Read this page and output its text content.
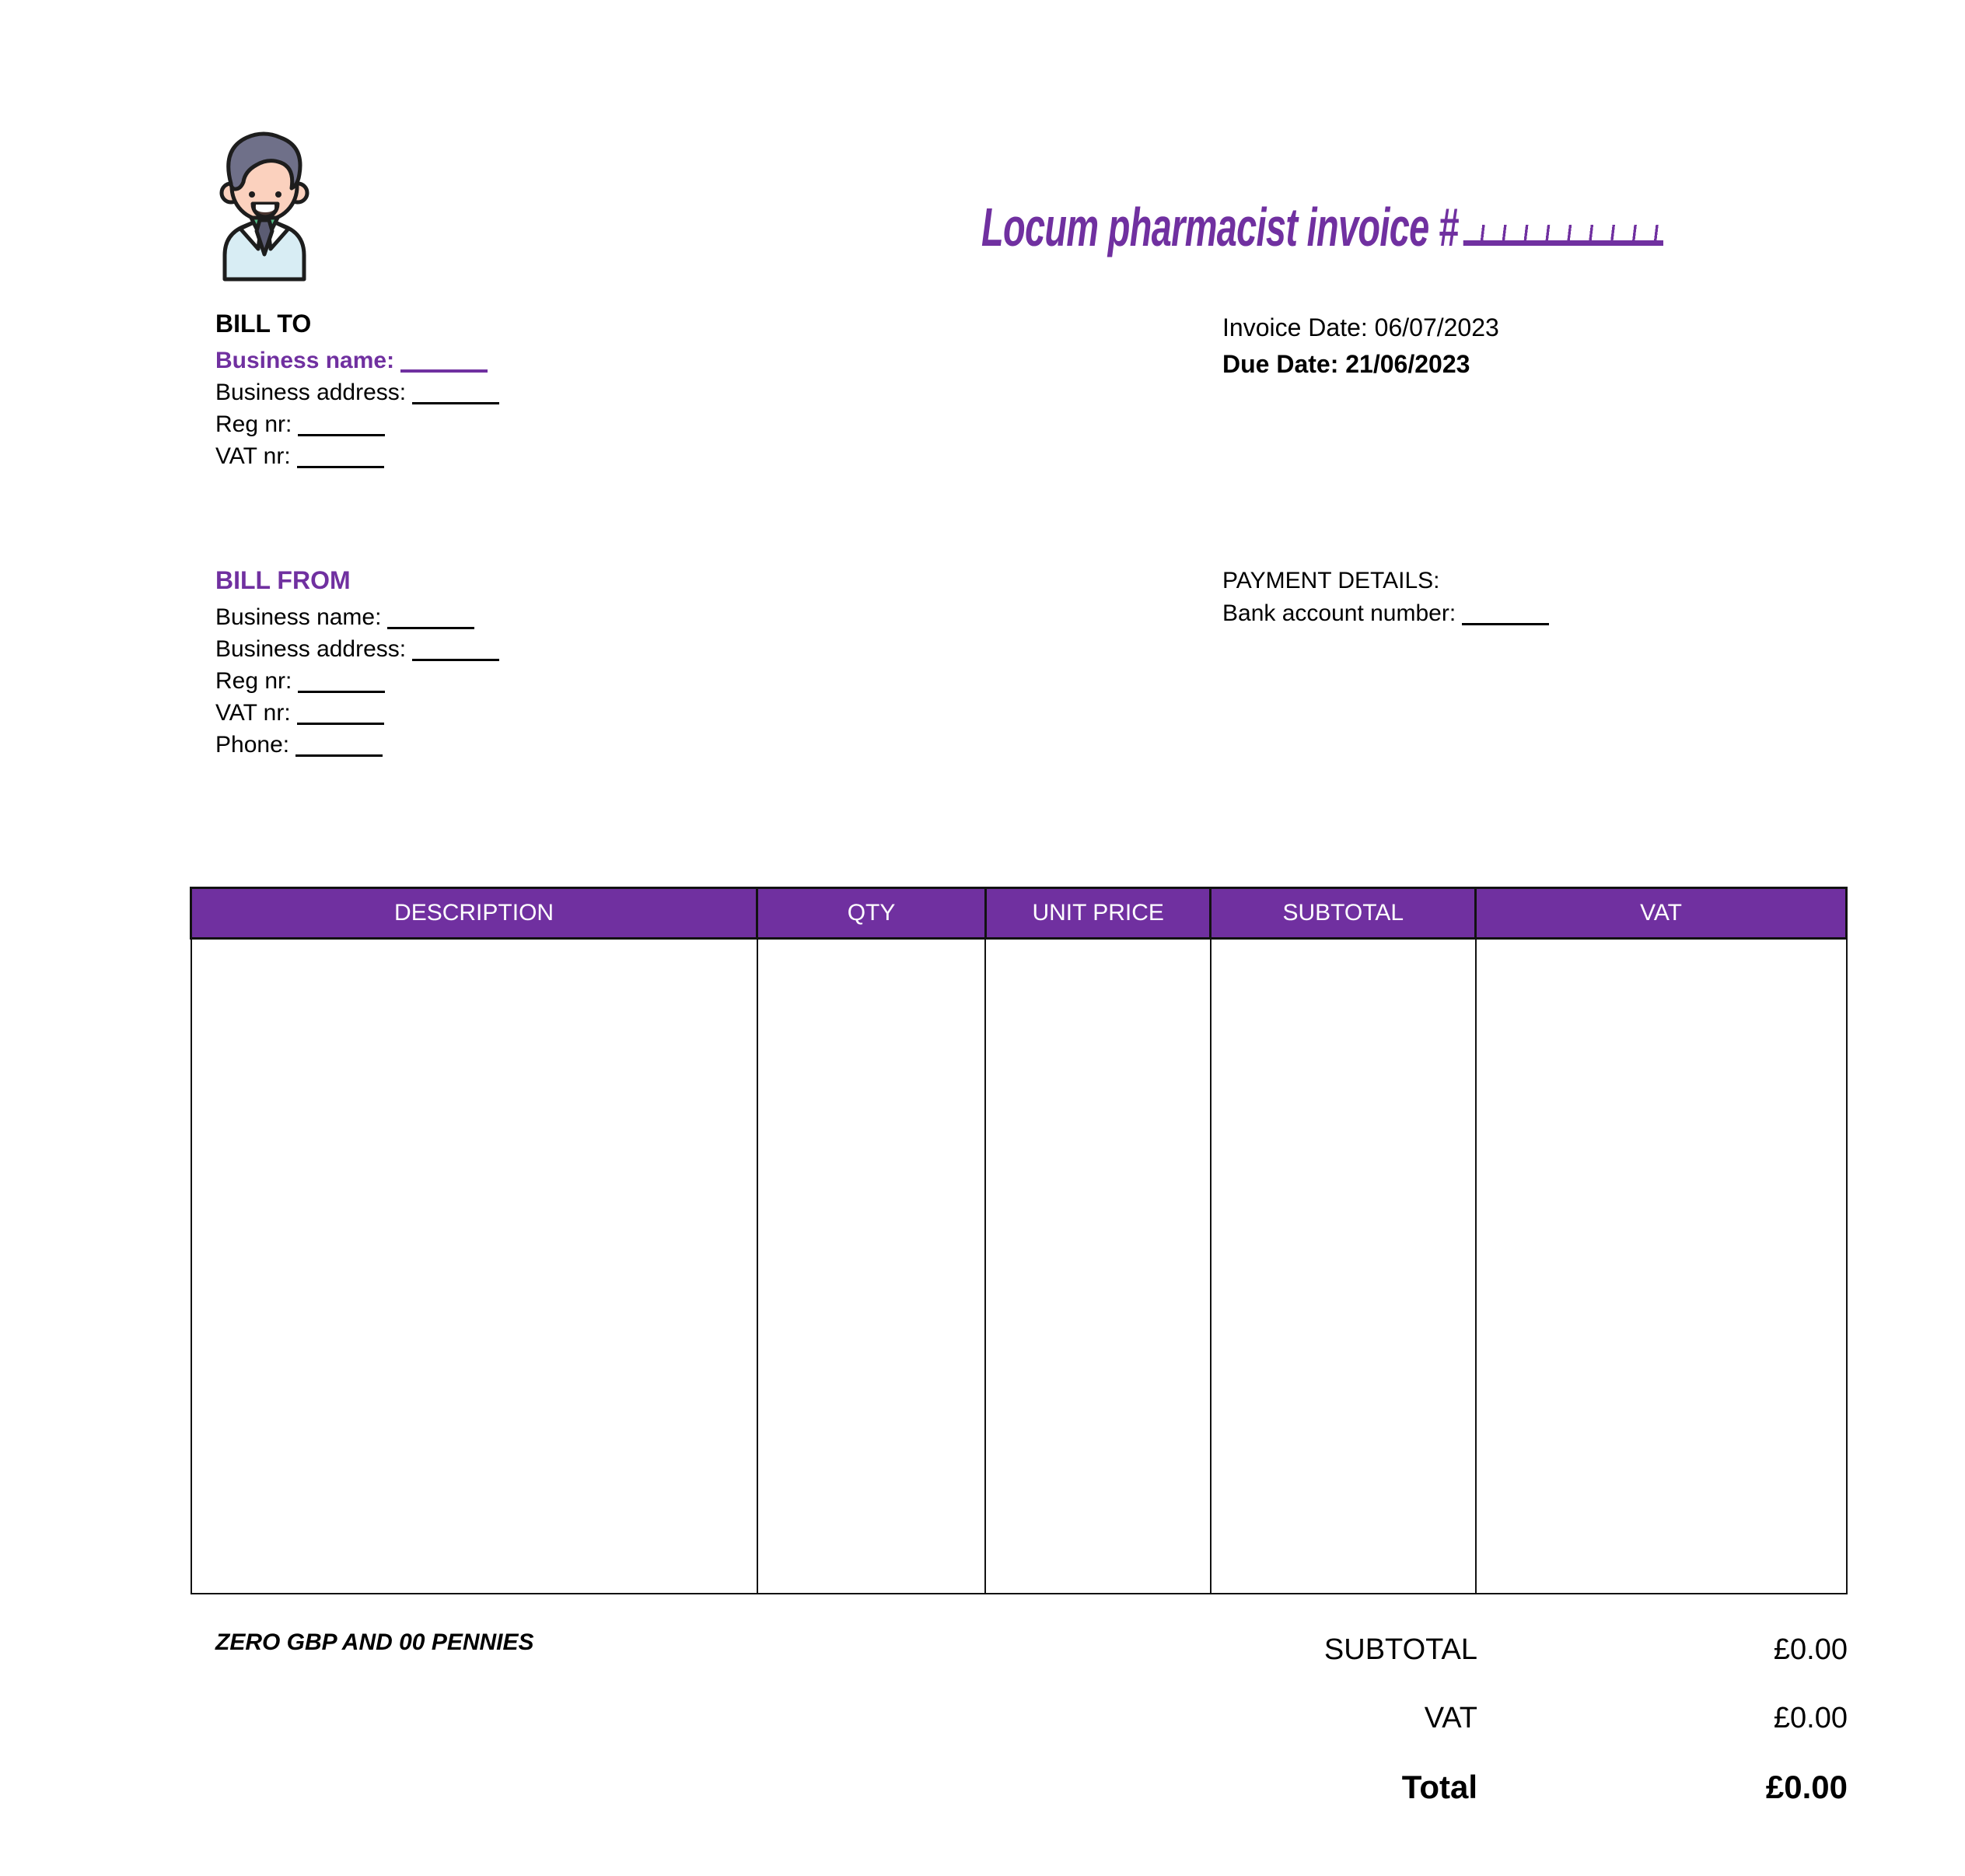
Locum pharmacist invoice #
BILL TO
Business name:
Business address:
Reg nr:
VAT nr:
Invoice Date: 06/07/2023
Due Date: 21/06/2023
BILL FROM
Business name:
Business address:
Reg nr:
VAT nr:
Phone:
PAYMENT DETAILS:
Bank account number:
DESCRIPTION	QTY	UNIT PRICE	SUBTOTAL	VAT

ZERO GBP AND 00 PENNIES	SUBTOTAL	£0.00
VAT	£0.00
Total	£0.00
